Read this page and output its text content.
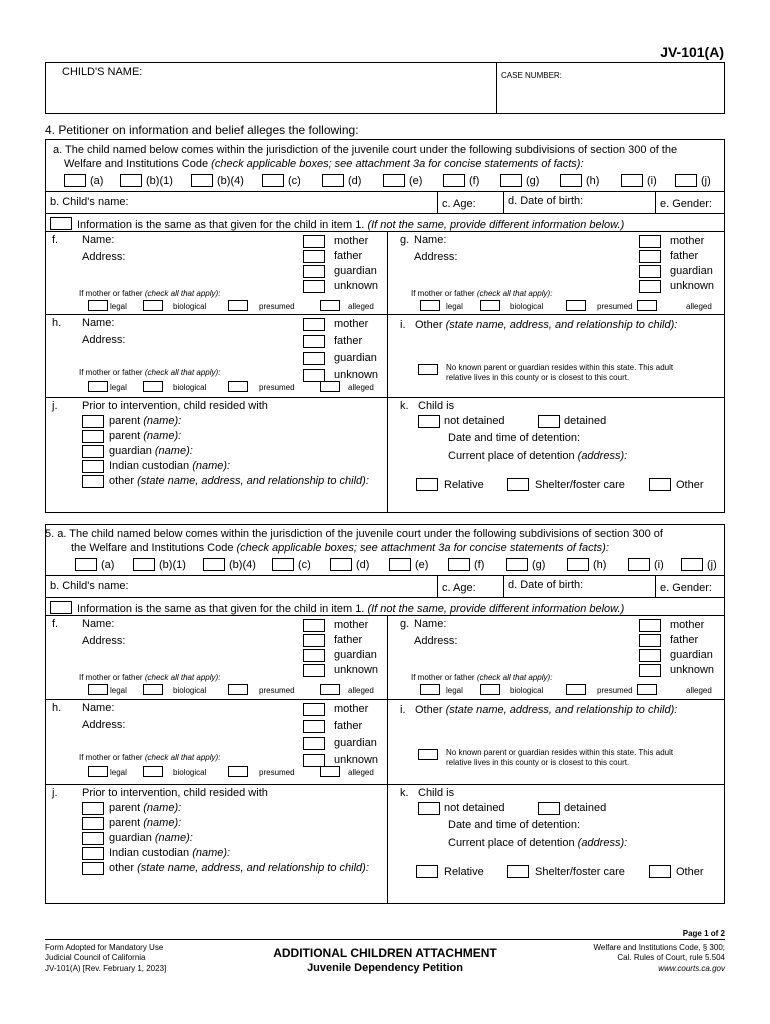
JV-101(A)
CHILD'S NAME:	CASE NUMBER:
4. Petitioner on information and belief alleges the following:
a. The child named below comes within the jurisdiction of the juvenile court under the following subdivisions of section 300 of the
Welfare and Institutions Code (check applicable boxes; see attachment 3a for concise statements of facts):
(a)	(b)(1)	(b)(4)	(c)	(d)	(e)	(f)	(g)	(h)	(i)	(j)
b. Child's name:	c. Age:	d. Date of birth:	e. Gender:
Information is the same as that given for the child in item 1. (If not the same, provide different information below.)
f. Name:
Address:
mother
father
guardian
unknown
If mother or father (check all that apply):
legal	biological	presumed	alleged
g. Name:
Address:
mother
father
guardian
unknown
If mother or father (check all that apply):
legal	biological	presumed	alleged
h. Name:
Address:
mother
father
guardian
unknown
If mother or father (check all that apply):
legal	biological	presumed	alleged
i. Other (state name, address, and relationship to child):
No known parent or guardian resides within this state. This adult
relative lives in this county or is closest to this court.
j. Prior to intervention, child resided with
parent (name):
parent (name):
guardian (name):
Indian custodian (name):
other (state name, address, and relationship to child):
k. Child is
not detained	detained
Date and time of detention:
Current place of detention (address):
Relative	Shelter/foster care	Other
5. a. The child named below comes within the jurisdiction of the juvenile court under the following subdivisions of section 300 of
the Welfare and Institutions Code (check applicable boxes; see attachment 3a for concise statements of facts):
(a)	(b)(1)	(b)(4)	(c)	(d)	(e)	(f)	(g)	(h)	(i)	(j)
b. Child's name:	c. Age:	d. Date of birth:	e. Gender:
Information is the same as that given for the child in item 1. (If not the same, provide different information below.)
f. Name:
Address:
mother
father
guardian
unknown
If mother or father (check all that apply):
legal	biological	presumed	alleged
g. Name:
Address:
mother
father
guardian
unknown
If mother or father (check all that apply):
legal	biological	presumed	alleged
h. Name:
Address:
mother
father
guardian
unknown
If mother or father (check all that apply):
legal	biological	presumed	alleged
i. Other (state name, address, and relationship to child):
No known parent or guardian resides within this state. This adult
relative lives in this county or is closest to this court.
j. Prior to intervention, child resided with
parent (name):
parent (name):
guardian (name):
Indian custodian (name):
other (state name, address, and relationship to child):
k. Child is
not detained	detained
Date and time of detention:
Current place of detention (address):
Relative	Shelter/foster care	Other
Page 1 of 2
Form Adopted for Mandatory Use
Judicial Council of California
JV-101(A) [Rev. February 1, 2023]
ADDITIONAL CHILDREN ATTACHMENT
Juvenile Dependency Petition
Welfare and Institutions Code, § 300;
Cal. Rules of Court, rule 5.504
www.courts.ca.gov
